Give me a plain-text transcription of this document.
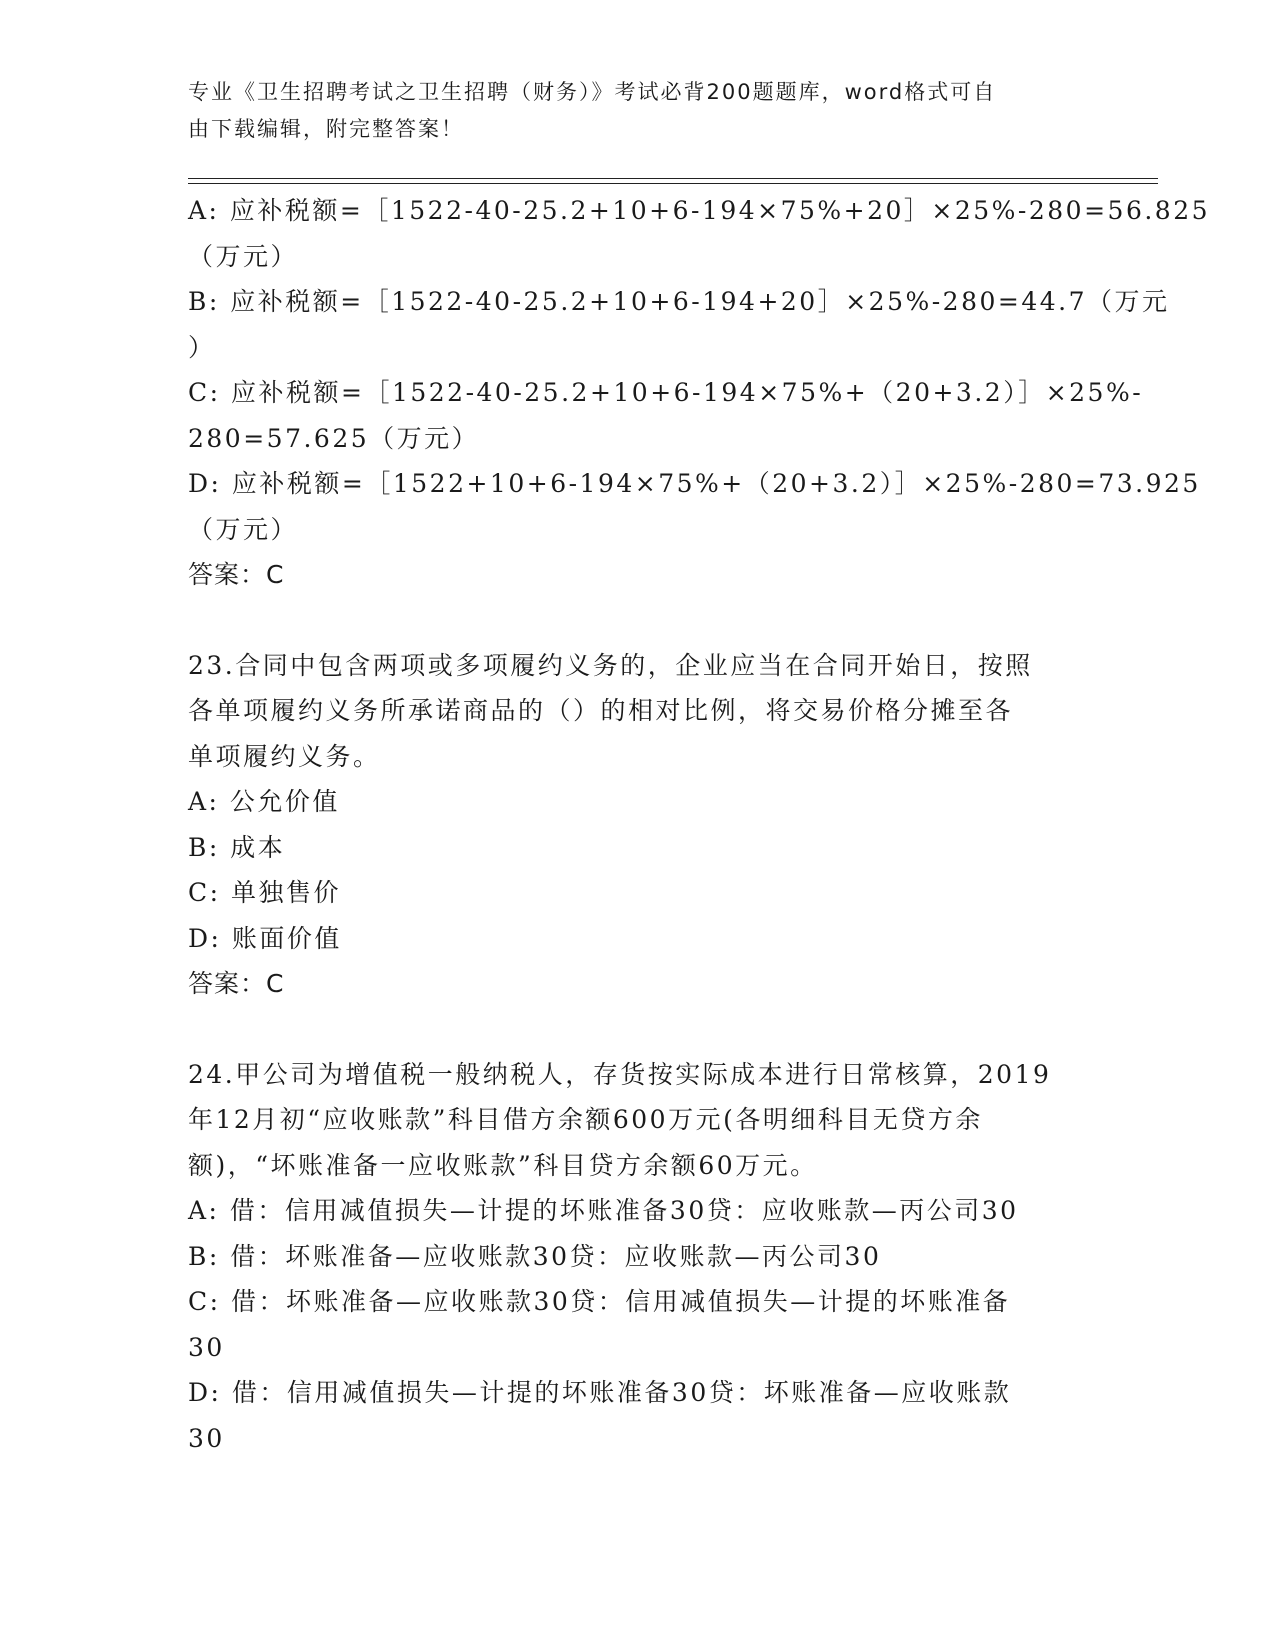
专业《卫生招聘考试之卫生招聘（财务）》考试必背200题题库，word格式可自
由下载编辑，附完整答案！
A: 应补税额=［1522-40-25.2+10+6-194×75%+20］×25%-280=56.825
（万元）
B: 应补税额=［1522-40-25.2+10+6-194+20］×25%-280=44.7（万元
）
C: 应补税额=［1522-40-25.2+10+6-194×75%+（20+3.2）］×25%-
280=57.625（万元）
D: 应补税额=［1522+10+6-194×75%+（20+3.2）］×25%-280=73.925
（万元）
答案：C
23.合同中包含两项或多项履约义务的，企业应当在合同开始日，按照
各单项履约义务所承诺商品的（）的相对比例，将交易价格分摊至各
单项履约义务。
A: 公允价值
B: 成本
C: 单独售价
D: 账面价值
答案：C
24.甲公司为增值税一般纳税人，存货按实际成本进行日常核算，2019
年12月初“应收账款”科目借方余额600万元(各明细科目无贷方余
额)，“坏账准备一应收账款”科目贷方余额60万元。
A: 借：信用减值损失—计提的坏账准备30贷：应收账款—丙公司30
B: 借：坏账准备—应收账款30贷：应收账款—丙公司30
C: 借：坏账准备—应收账款30贷：信用减值损失—计提的坏账准备
30
D: 借：信用减值损失—计提的坏账准备30贷：坏账准备—应收账款
30
